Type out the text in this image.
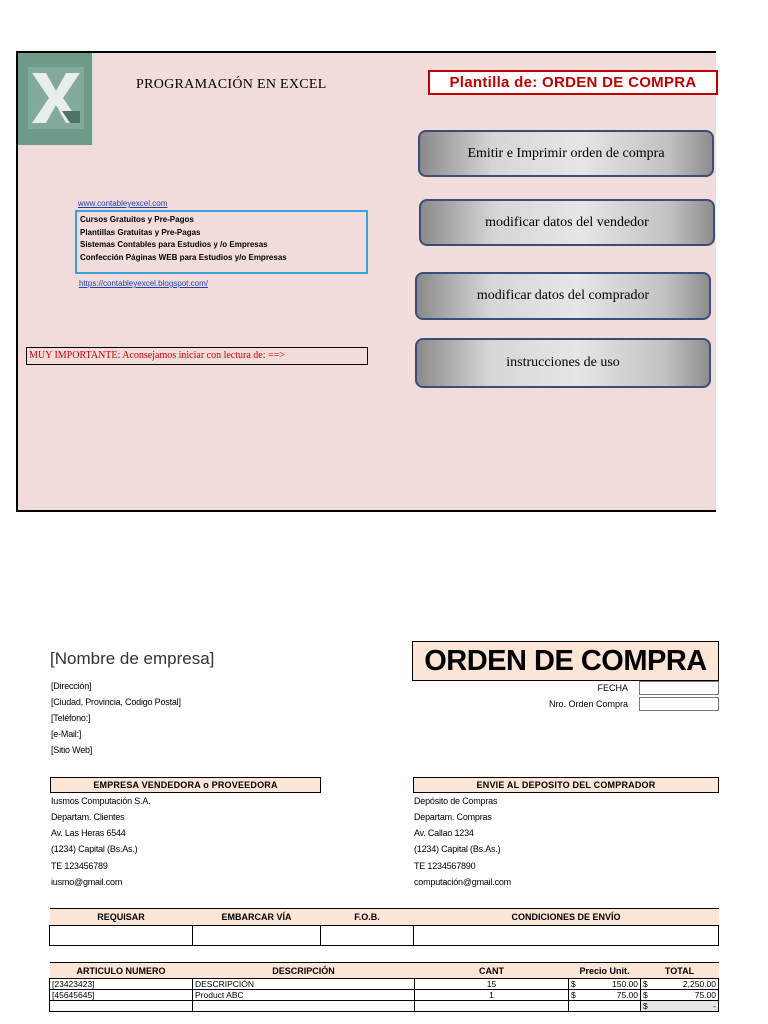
PROGRAMACIÓN EN EXCEL	Plantilla de: ORDEN DE COMPRA
Emitir e Imprimir orden de compra
modificar datos del vendedor
modificar datos del comprador
instrucciones de uso
www.contableyexcel.com
Cursos Gratuitos y Pre-Pagos
Plantillas Gratuitas y Pre-Pagas
Sistemas Contables para Estudios y /o Empresas
Confección Páginas WEB para Estudios y/o Empresas
https://contableyexcel.blogspot.com/
MUY IMPORTANTE: Aconsejamos iniciar con lectura de: ==>
[Nombre de empresa]
[Dirección]
[Ciudad, Provincia, Codigo Postal]
[Teléfono:]
[e-Mail:]
[Sitio Web]
ORDEN DE COMPRA
FECHA
Nro. Orden Compra
EMPRESA VENDEDORA o PROVEEDORA
Iusmos Computación S.A.
Departam. Clientes
Av. Las Heras 6544
(1234) Capital (Bs.As.)
TE 123456789
iusmo@gmail.com
ENVIE AL DEPOSITO DEL COMPRADOR
Depósito de Compras
Departam. Compras
Av. Callao 1234
(1234) Capital (Bs.As.)
TE 1234567890
computación@gmail.com
REQUISAR	EMBARCAR VÍA	F.O.B.	CONDICIONES DE ENVÍO

ARTICULO NUMERO	DESCRIPCIÓN	CANT	Precio Unit.	TOTAL
[23423423]	DESCRIPCIÓN	15	$ 150.00	$ 2,250.00

[45645645]	Product ABC	1	$ 75.00	$ 75.00

				$ -
